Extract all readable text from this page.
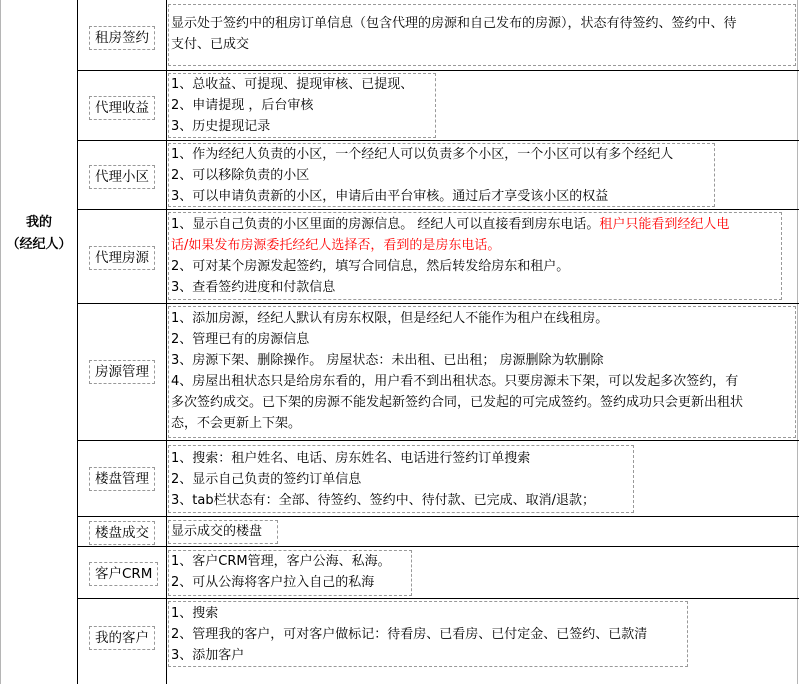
我的
（经纪人）
租房签约
显示处于签约中的租房订单信息（包含代理的房源和自己发布的房源），状态有待签约、签约中、待
支付、已成交
代理收益
1、总收益、可提现、提现审核、已提现、
2、申请提现 ，后台审核
3、历史提现记录
代理小区
1、作为经纪人负责的小区，一个经纪人可以负责多个小区，一个小区可以有多个经纪人
2、可以移除负责的小区
3、可以申请负责新的小区，申请后由平台审核。通过后才享受该小区的权益
代理房源
1、显示自己负责的小区里面的房源信息。 经纪人可以直接看到房东电话。租户只能看到经纪人电
话/如果发布房源委托经纪人选择否，看到的是房东电话。
2、可对某个房源发起签约，填写合同信息，然后转发给房东和租户。
3、查看签约进度和付款信息
房源管理
1、添加房源，经纪人默认有房东权限，但是经纪人不能作为租户在线租房。
2、管理已有的房源信息
3、房源下架、删除操作。 房屋状态：未出租、已出租； 房源删除为软删除
4、房屋出租状态只是给房东看的，用户看不到出租状态。只要房源未下架，可以发起多次签约，有
多次签约成交。已下架的房源不能发起新签约合同，已发起的可完成签约。签约成功只会更新出租状
态，不会更新上下架。
楼盘管理
1、搜索：租户姓名、电话、房东姓名、电话进行签约订单搜索
2、显示自己负责的签约订单信息
3、tab栏状态有：全部、待签约、签约中、待付款、已完成、取消/退款；
楼盘成交	显示成交的楼盘
客户CRM
1、客户CRM管理，客户公海、私海。
2、可从公海将客户拉入自己的私海
我的客户
1、搜索
2、管理我的客户，可对客户做标记：待看房、已看房、已付定金、已签约、已款清
3、添加客户
